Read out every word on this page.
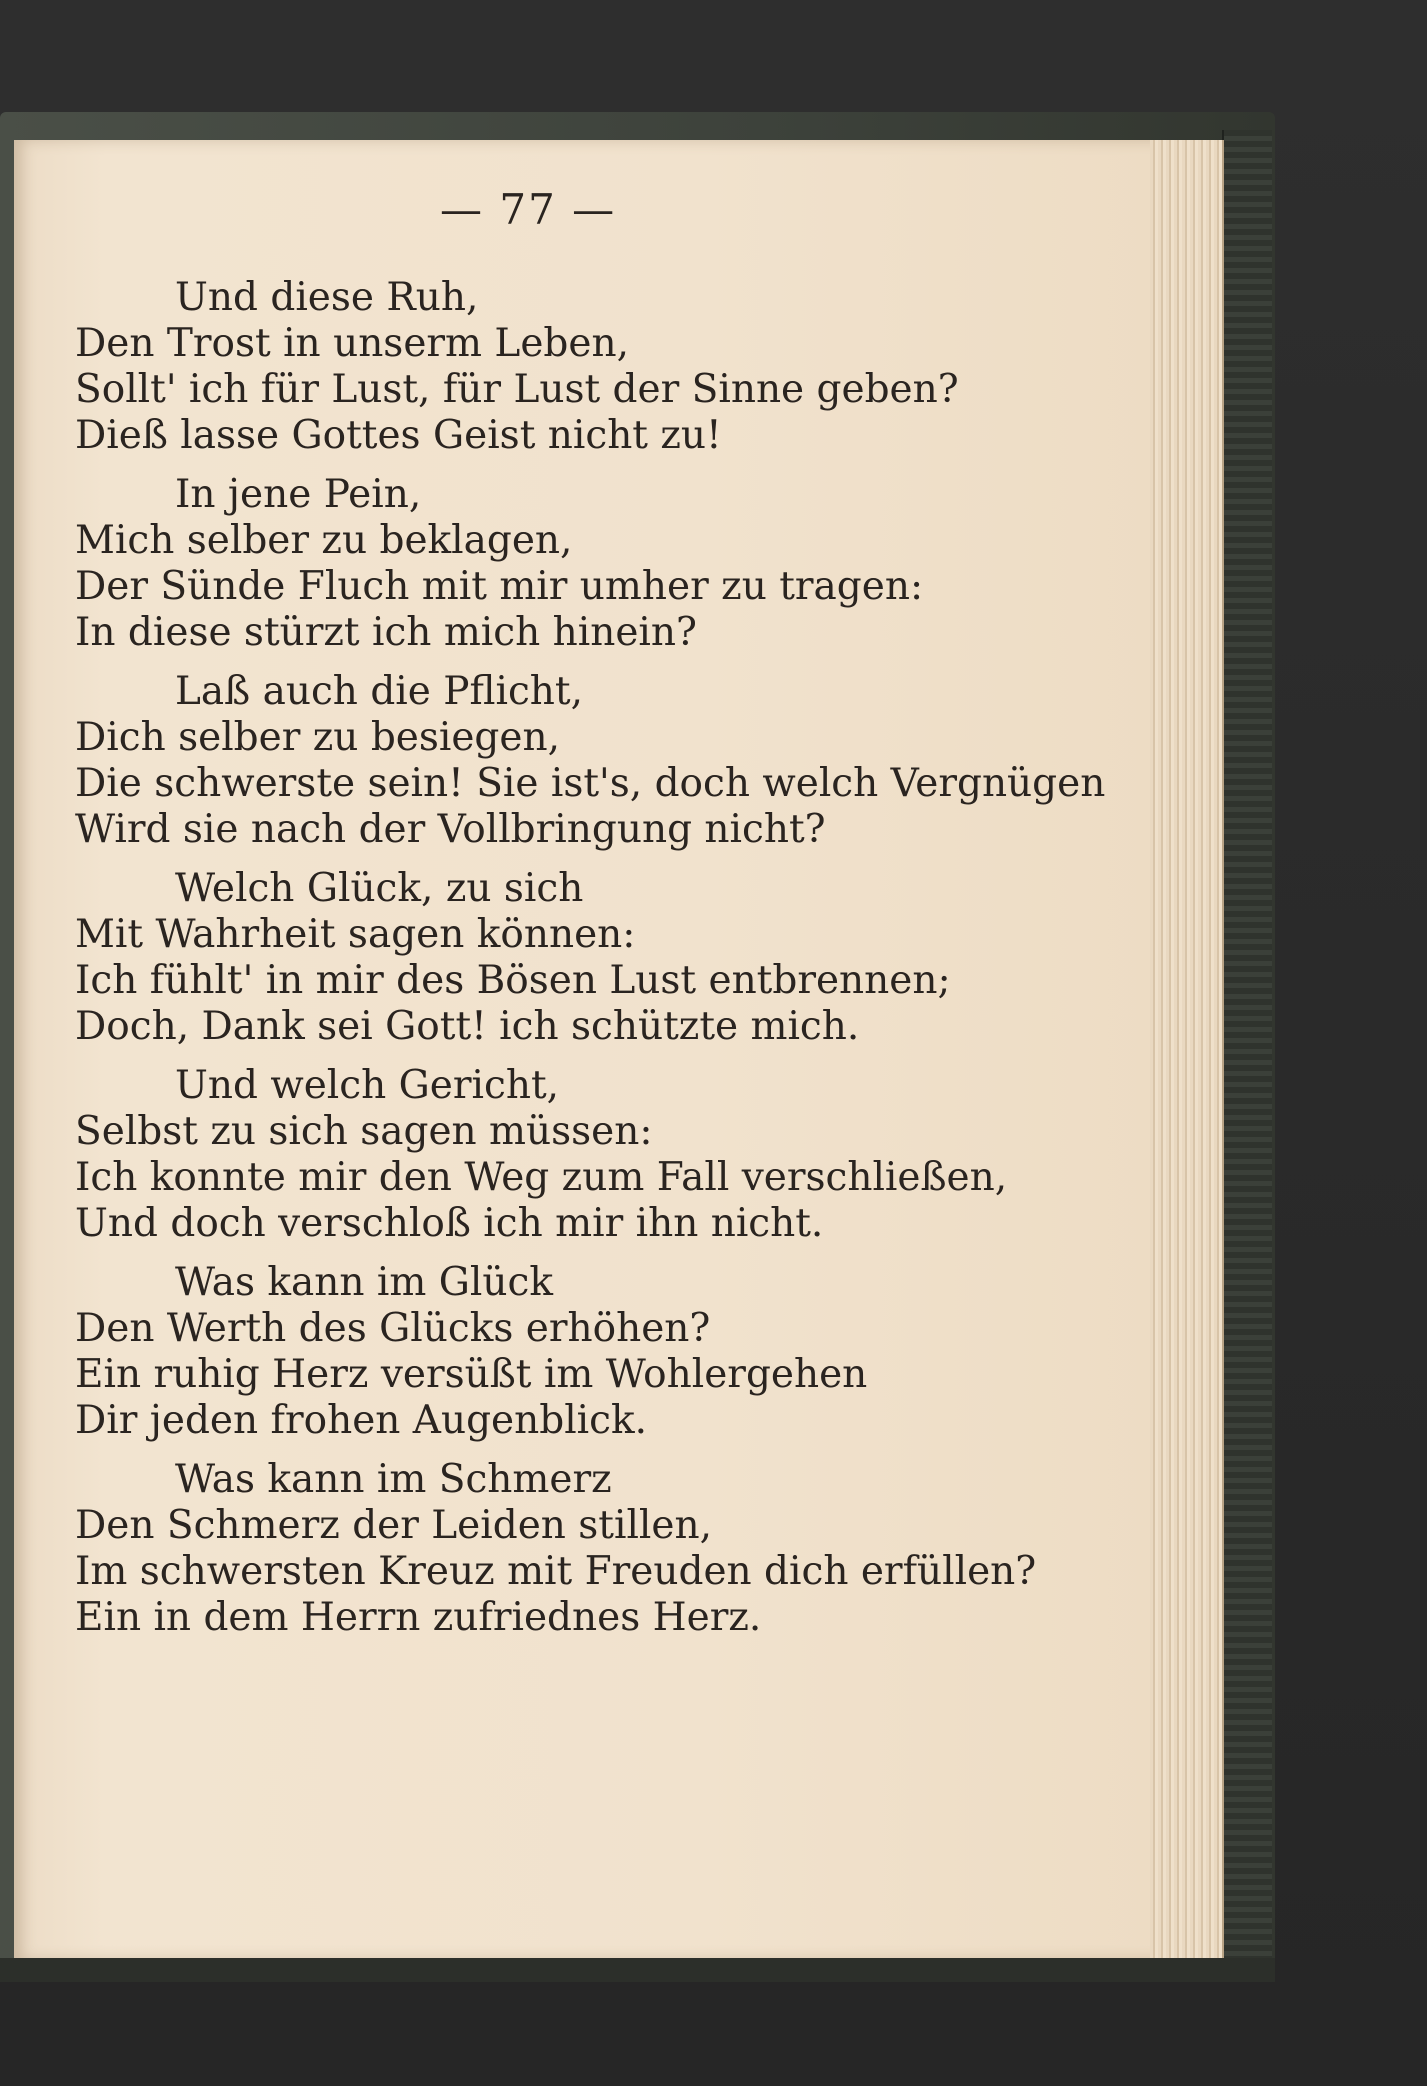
— 77 —
Und diese Ruh,
Den Trost in unserm Leben,
Sollt' ich für Lust, für Lust der Sinne geben?
Dieß lasse Gottes Geist nicht zu!
In jene Pein,
Mich selber zu beklagen,
Der Sünde Fluch mit mir umher zu tragen:
In diese stürzt ich mich hinein?
Laß auch die Pflicht,
Dich selber zu besiegen,
Die schwerste sein! Sie ist's, doch welch Vergnügen
Wird sie nach der Vollbringung nicht?
Welch Glück, zu sich
Mit Wahrheit sagen können:
Ich fühlt' in mir des Bösen Lust entbrennen;
Doch, Dank sei Gott! ich schützte mich.
Und welch Gericht,
Selbst zu sich sagen müssen:
Ich konnte mir den Weg zum Fall verschließen,
Und doch verschloß ich mir ihn nicht.
Was kann im Glück
Den Werth des Glücks erhöhen?
Ein ruhig Herz versüßt im Wohlergehen
Dir jeden frohen Augenblick.
Was kann im Schmerz
Den Schmerz der Leiden stillen,
Im schwersten Kreuz mit Freuden dich erfüllen?
Ein in dem Herrn zufriednes Herz.
